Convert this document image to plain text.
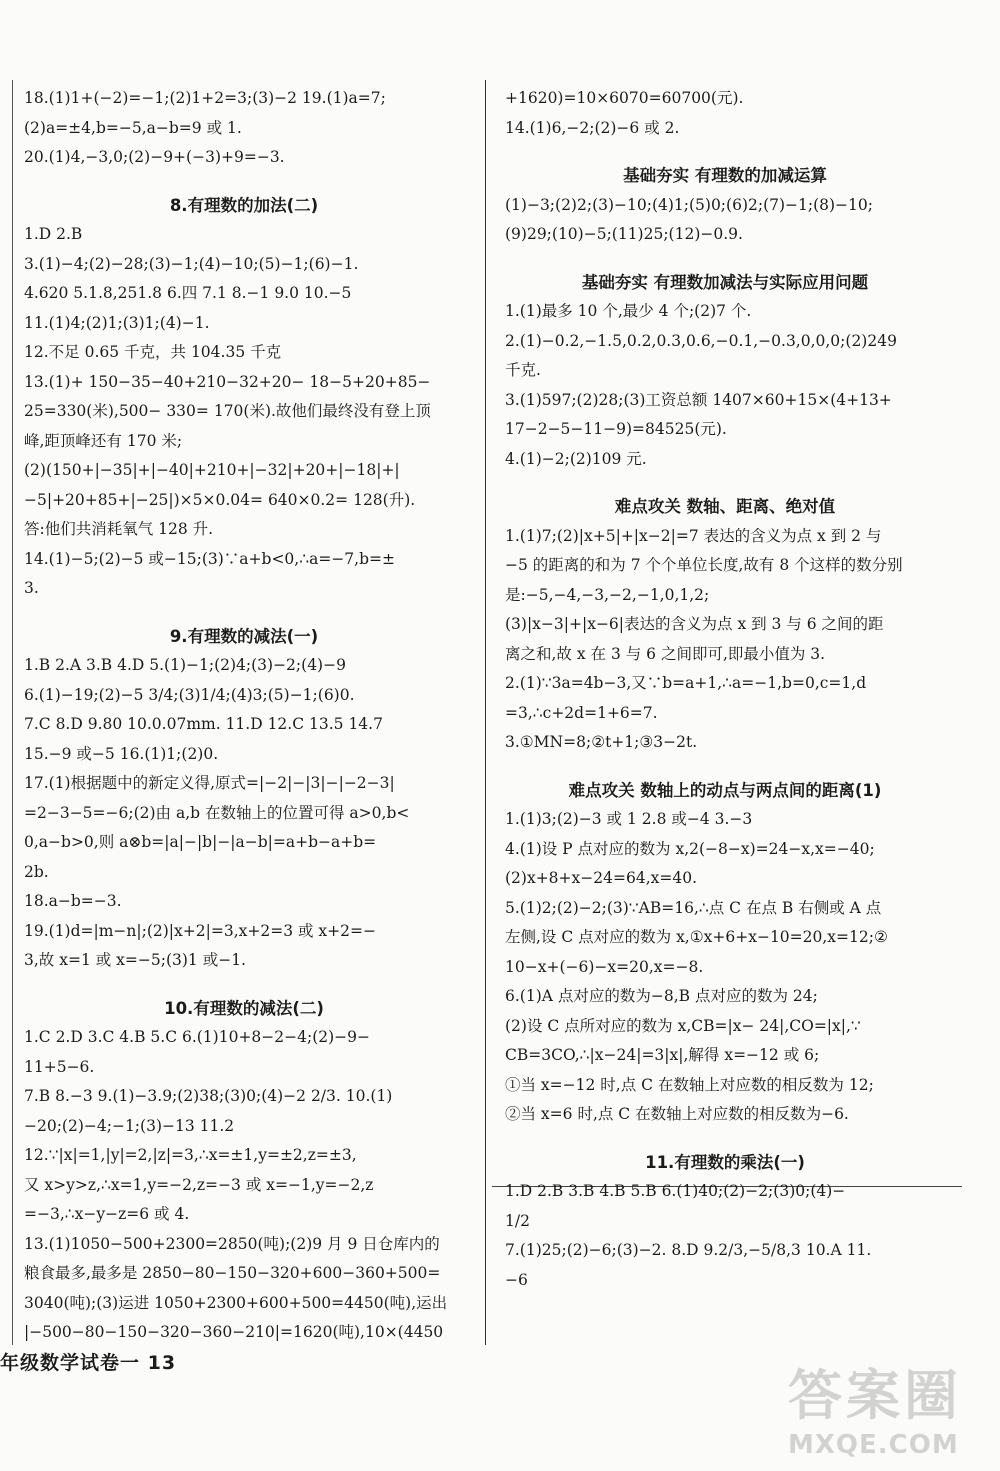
18.(1)1+(−2)=−1;(2)1+2=3;(3)−2 19.(1)a=7;
(2)a=±4,b=−5,a−b=9 或 1.
20.(1)4,−3,0;(2)−9+(−3)+9=−3.
8.有理数的加法(二)
1.D 2.B
3.(1)−4;(2)−28;(3)−1;(4)−10;(5)−1;(6)−1.
4.620 5.1.8,251.8 6.四 7.1 8.−1 9.0 10.−5
11.(1)4;(2)1;(3)1;(4)−1.
12.不足 0.65 千克，共 104.35 千克
13.(1)+ 150−35−40+210−32+20− 18−5+20+85−
25=330(米),500− 330= 170(米).故他们最终没有登上顶
峰,距顶峰还有 170 米;
(2)(150+|−35|+|−40|+210+|−32|+20+|−18|+|
−5|+20+85+|−25|)×5×0.04= 640×0.2= 128(升).
答:他们共消耗氧气 128 升.
14.(1)−5;(2)−5 或−15;(3)∵a+b<0,∴a=−7,b=±
3.
9.有理数的减法(一)
1.B 2.A 3.B 4.D 5.(1)−1;(2)4;(3)−2;(4)−9
6.(1)−19;(2)−5 3/4;(3)1/4;(4)3;(5)−1;(6)0.
7.C 8.D 9.80 10.0.07mm. 11.D 12.C 13.5 14.7
15.−9 或−5 16.(1)1;(2)0.
17.(1)根据题中的新定义得,原式=|−2|−|3|−|−2−3|
=2−3−5=−6;(2)由 a,b 在数轴上的位置可得 a>0,b<
0,a−b>0,则 a⊗b=|a|−|b|−|a−b|=a+b−a+b=
2b.
18.a−b=−3.
19.(1)d=|m−n|;(2)|x+2|=3,x+2=3 或 x+2=−
3,故 x=1 或 x=−5;(3)1 或−1.
10.有理数的减法(二)
1.C 2.D 3.C 4.B 5.C 6.(1)10+8−2−4;(2)−9−
11+5−6.
7.B 8.−3 9.(1)−3.9;(2)38;(3)0;(4)−2 2/3. 10.(1)
−20;(2)−4;−1;(3)−13 11.2
12.∵|x|=1,|y|=2,|z|=3,∴x=±1,y=±2,z=±3,
又 x>y>z,∴x=1,y=−2,z=−3 或 x=−1,y=−2,z
=−3,∴x−y−z=6 或 4.
13.(1)1050−500+2300=2850(吨);(2)9 月 9 日仓库内的
粮食最多,最多是 2850−80−150−320+600−360+500=
3040(吨);(3)运进 1050+2300+600+500=4450(吨),运出
|−500−80−150−320−360−210|=1620(吨),10×(4450
+1620)=10×6070=60700(元).
14.(1)6,−2;(2)−6 或 2.
基础夯实 有理数的加减运算
(1)−3;(2)2;(3)−10;(4)1;(5)0;(6)2;(7)−1;(8)−10;
(9)29;(10)−5;(11)25;(12)−0.9.
基础夯实 有理数加减法与实际应用问题
1.(1)最多 10 个,最少 4 个;(2)7 个.
2.(1)−0.2,−1.5,0.2,0.3,0.6,−0.1,−0.3,0,0,0;(2)249
千克.
3.(1)597;(2)28;(3)工资总额 1407×60+15×(4+13+
17−2−5−11−9)=84525(元).
4.(1)−2;(2)109 元.
难点攻关 数轴、距离、绝对值
1.(1)7;(2)|x+5|+|x−2|=7 表达的含义为点 x 到 2 与
−5 的距离的和为 7 个个单位长度,故有 8 个这样的数分别
是:−5,−4,−3,−2,−1,0,1,2;
(3)|x−3|+|x−6|表达的含义为点 x 到 3 与 6 之间的距
离之和,故 x 在 3 与 6 之间即可,即最小值为 3.
2.(1)∵3a=4b−3,又∵b=a+1,∴a=−1,b=0,c=1,d
=3,∴c+2d=1+6=7.
3.①MN=8;②t+1;③3−2t.
难点攻关 数轴上的动点与两点间的距离(1)
1.(1)3;(2)−3 或 1 2.8 或−4 3.−3
4.(1)设 P 点对应的数为 x,2(−8−x)=24−x,x=−40;
(2)x+8+x−24=64,x=40.
5.(1)2;(2)−2;(3)∵AB=16,∴点 C 在点 B 右侧或 A 点
左侧,设 C 点对应的数为 x,①x+6+x−10=20,x=12;②
10−x+(−6)−x=20,x=−8.
6.(1)A 点对应的数为−8,B 点对应的数为 24;
(2)设 C 点所对应的数为 x,CB=|x− 24|,CO=|x|,∵
CB=3CO,∴|x−24|=3|x|,解得 x=−12 或 6;
①当 x=−12 时,点 C 在数轴上对应数的相反数为 12;
②当 x=6 时,点 C 在数轴上对应数的相反数为−6.
11.有理数的乘法(一)
1.D 2.B 3.B 4.B 5.B 6.(1)40;(2)−2;(3)0;(4)−
1/2
7.(1)25;(2)−6;(3)−2. 8.D 9.2/3,−5/8,3 10.A 11.
−6
年级数学试卷一 13
答案圈
MXQE.COM
